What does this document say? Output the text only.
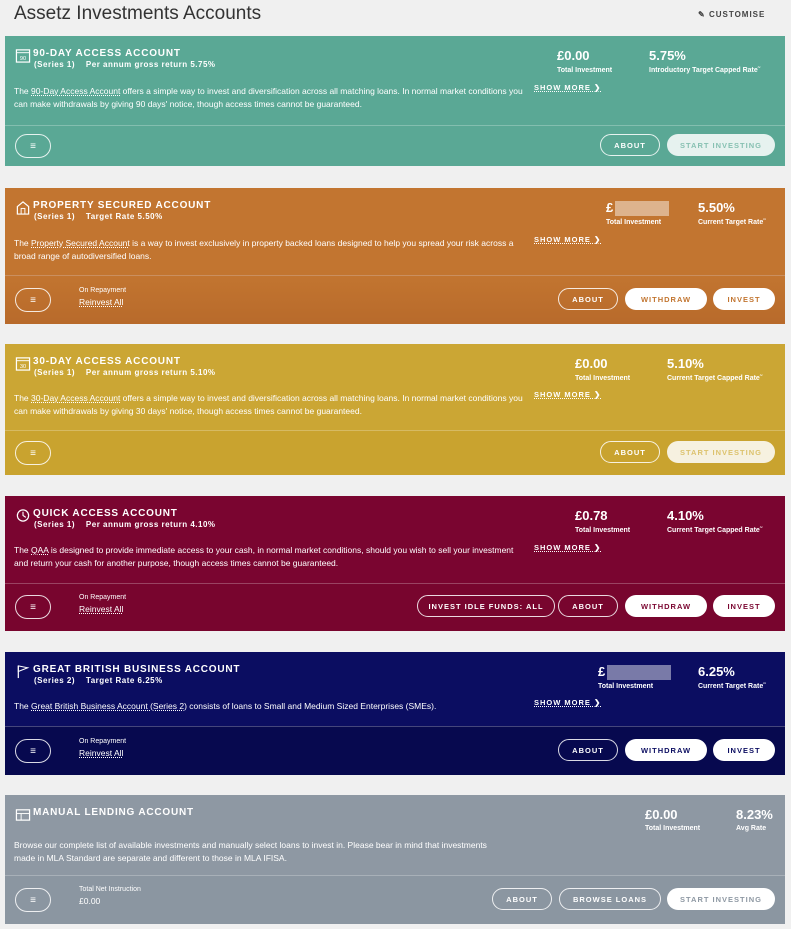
Assetz Investments Accounts	✎ CUSTOMISE
90
90-DAY ACCESS ACCOUNT
(Series 1)    Per annum gross return 5.75%
The 90-Day Access Account offers a simple way to invest and diversification across all matching loans. In normal market conditions you can make withdrawals by giving 90 days' notice, though access times cannot be guaranteed.
SHOW MORE ❯
£0.00
Total Investment
5.75%
Introductory Target Capped Rate˜
≡	ABOUT	START INVESTING
PROPERTY SECURED ACCOUNT
(Series 1)    Target Rate 5.50%
The Property Secured Account is a way to invest exclusively in property backed loans designed to help you spread your risk across a broad range of autodiversified loans.
SHOW MORE ❯
£
Total Investment
5.50%
Current Target Rate˜
≡
On Repayment
Reinvest All	ABOUT	WITHDRAW	INVEST
30
30-DAY ACCESS ACCOUNT
(Series 1)    Per annum gross return 5.10%
The 30-Day Access Account offers a simple way to invest and diversification across all matching loans. In normal market conditions you can make withdrawals by giving 30 days' notice, though access times cannot be guaranteed.
SHOW MORE ❯
£0.00
Total Investment
5.10%
Current Target Capped Rate˜
≡	ABOUT	START INVESTING
QUICK ACCESS ACCOUNT
(Series 1)    Per annum gross return 4.10%
The QAA is designed to provide immediate access to your cash, in normal market conditions, should you wish to sell your investment and return your cash for another purpose, though access times cannot be guaranteed.
SHOW MORE ❯
£0.78
Total Investment
4.10%
Current Target Capped Rate˜
≡
On Repayment
Reinvest All	INVEST IDLE FUNDS: ALL	ABOUT	WITHDRAW	INVEST
GREAT BRITISH BUSINESS ACCOUNT
(Series 2)    Target Rate 6.25%
The Great British Business Account (Series 2) consists of loans to Small and Medium Sized Enterprises (SMEs).	SHOW MORE ❯
£
Total Investment
6.25%
Current Target Rate˜
≡
On Repayment
Reinvest All	ABOUT	WITHDRAW	INVEST
MANUAL LENDING ACCOUNT
Browse our complete list of available investments and manually select loans to invest in. Please bear in mind that investments made in MLA Standard are separate and different to those in MLA IFISA.
£0.00
Total Investment
8.23%
Avg Rate
≡
Total Net Instruction
£0.00	ABOUT	BROWSE LOANS	START INVESTING
